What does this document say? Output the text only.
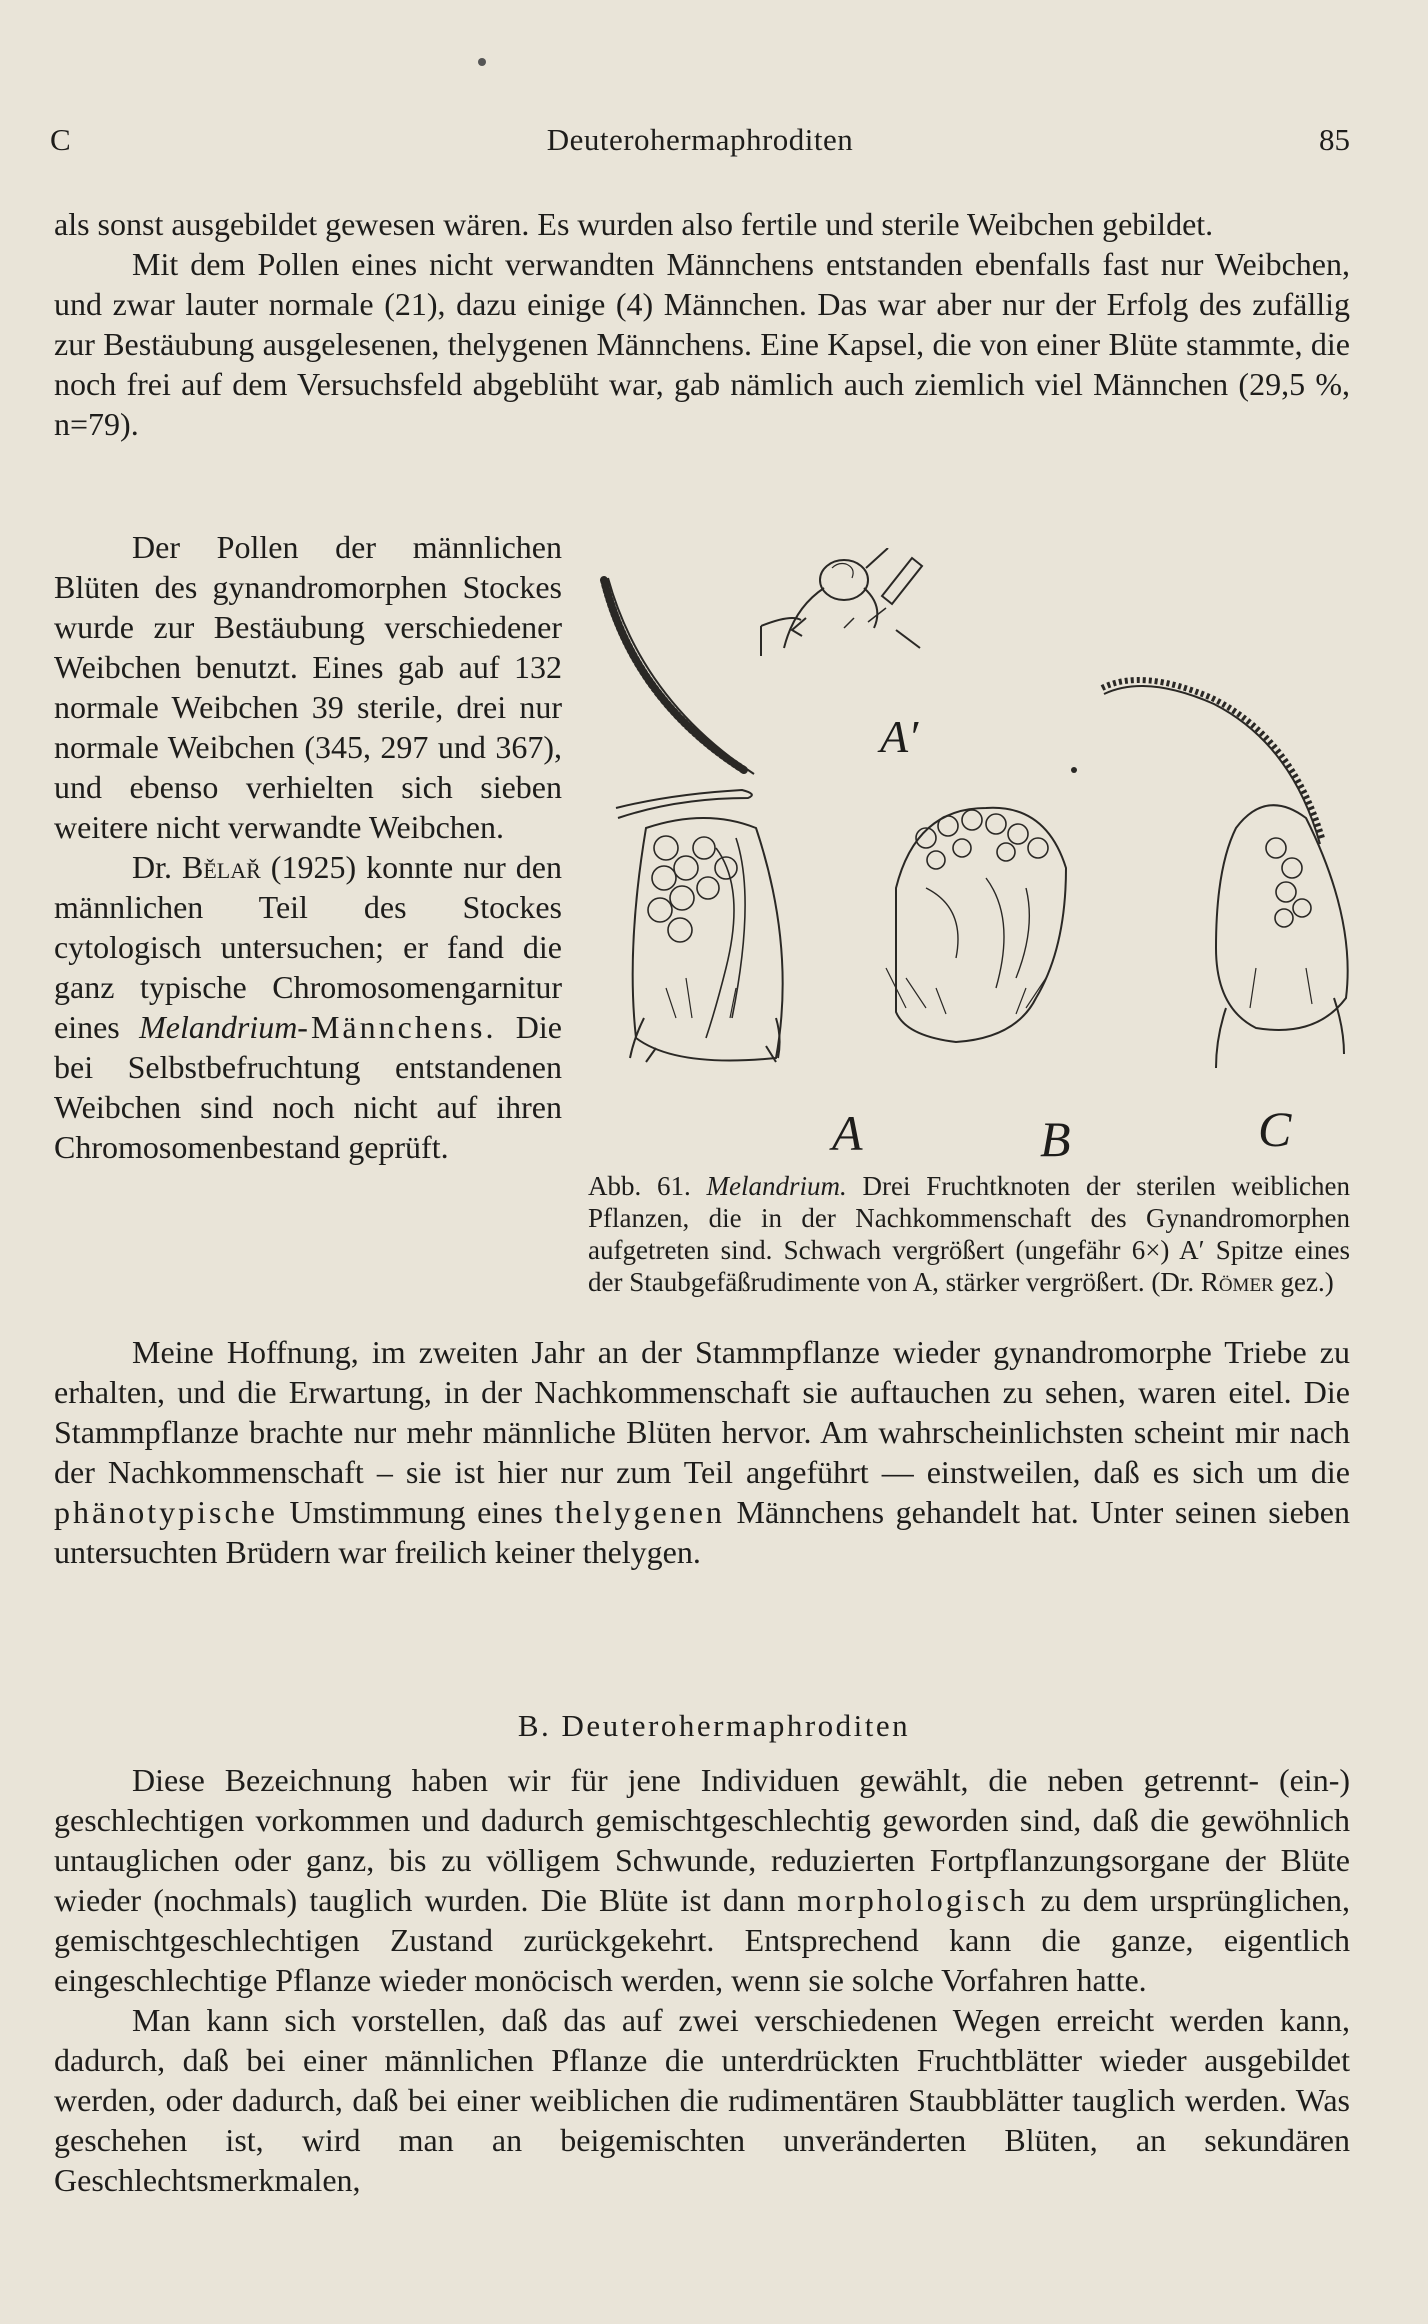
Deuterohermaphroditen
C	85

als sonst ausgebildet gewesen wären. Es wurden also fertile und sterile Weibchen gebildet.

Mit dem Pollen eines nicht verwandten Männchens entstanden ebenfalls fast nur Weibchen, und zwar lauter normale (21), dazu einige (4) Männchen. Das war aber nur der Erfolg des zufällig zur Bestäubung ausgelesenen, thelygenen Männchens. Eine Kapsel, die von einer Blüte stammte, die noch frei auf dem Versuchsfeld abgeblüht war, gab nämlich auch ziemlich viel Männchen (29,5 %, n=79).

Der Pollen der männlichen Blüten des gynandromorphen Stockes wurde zur Bestäubung verschiedener Weibchen benutzt. Eines gab auf 132 normale Weibchen 39 sterile, drei nur normale Weibchen (345, 297 und 367), und ebenso verhielten sich sieben weitere nicht verwandte Weibchen.

Dr. Bělař (1925) konnte nur den männlichen Teil des Stockes cytologisch untersuchen; er fand die ganz typische Chromosomengarnitur eines Melandrium-Männchens. Die bei Selbstbefruchtung entstandenen Weibchen sind noch nicht auf ihren Chromosomenbestand geprüft.

A′
A	B	C
Abb. 61. Melandrium. Drei Fruchtknoten der sterilen weiblichen Pflanzen, die in der Nachkommenschaft des Gynandromorphen aufgetreten sind. Schwach vergrößert (ungefähr 6×) A′ Spitze eines der Staubgefäßrudimente von A, stärker vergrößert. (Dr. Römer gez.)

Meine Hoffnung, im zweiten Jahr an der Stammpflanze wieder gynandromorphe Triebe zu erhalten, und die Erwartung, in der Nachkommenschaft sie auftauchen zu sehen, waren eitel. Die Stammpflanze brachte nur mehr männliche Blüten hervor. Am wahrscheinlichsten scheint mir nach der Nachkommenschaft – sie ist hier nur zum Teil angeführt — einstweilen, daß es sich um die phänotypische Umstimmung eines thelygenen Männchens gehandelt hat. Unter seinen sieben untersuchten Brüdern war freilich keiner thelygen.

B. Deuterohermaphroditen

Diese Bezeichnung haben wir für jene Individuen gewählt, die neben getrennt- (ein-) geschlechtigen vorkommen und dadurch gemischtgeschlechtig geworden sind, daß die gewöhnlich untauglichen oder ganz, bis zu völligem Schwunde, reduzierten Fortpflanzungsorgane der Blüte wieder (nochmals) tauglich wurden. Die Blüte ist dann morphologisch zu dem ursprünglichen, gemischtgeschlechtigen Zustand zurückgekehrt. Entsprechend kann die ganze, eigentlich eingeschlechtige Pflanze wieder monöcisch werden, wenn sie solche Vorfahren hatte.

Man kann sich vorstellen, daß das auf zwei verschiedenen Wegen erreicht werden kann, dadurch, daß bei einer männlichen Pflanze die unterdrückten Fruchtblätter wieder ausgebildet werden, oder dadurch, daß bei einer weiblichen die rudimentären Staubblätter tauglich werden. Was geschehen ist, wird man an beigemischten unveränderten Blüten, an sekundären Geschlechtsmerkmalen,
